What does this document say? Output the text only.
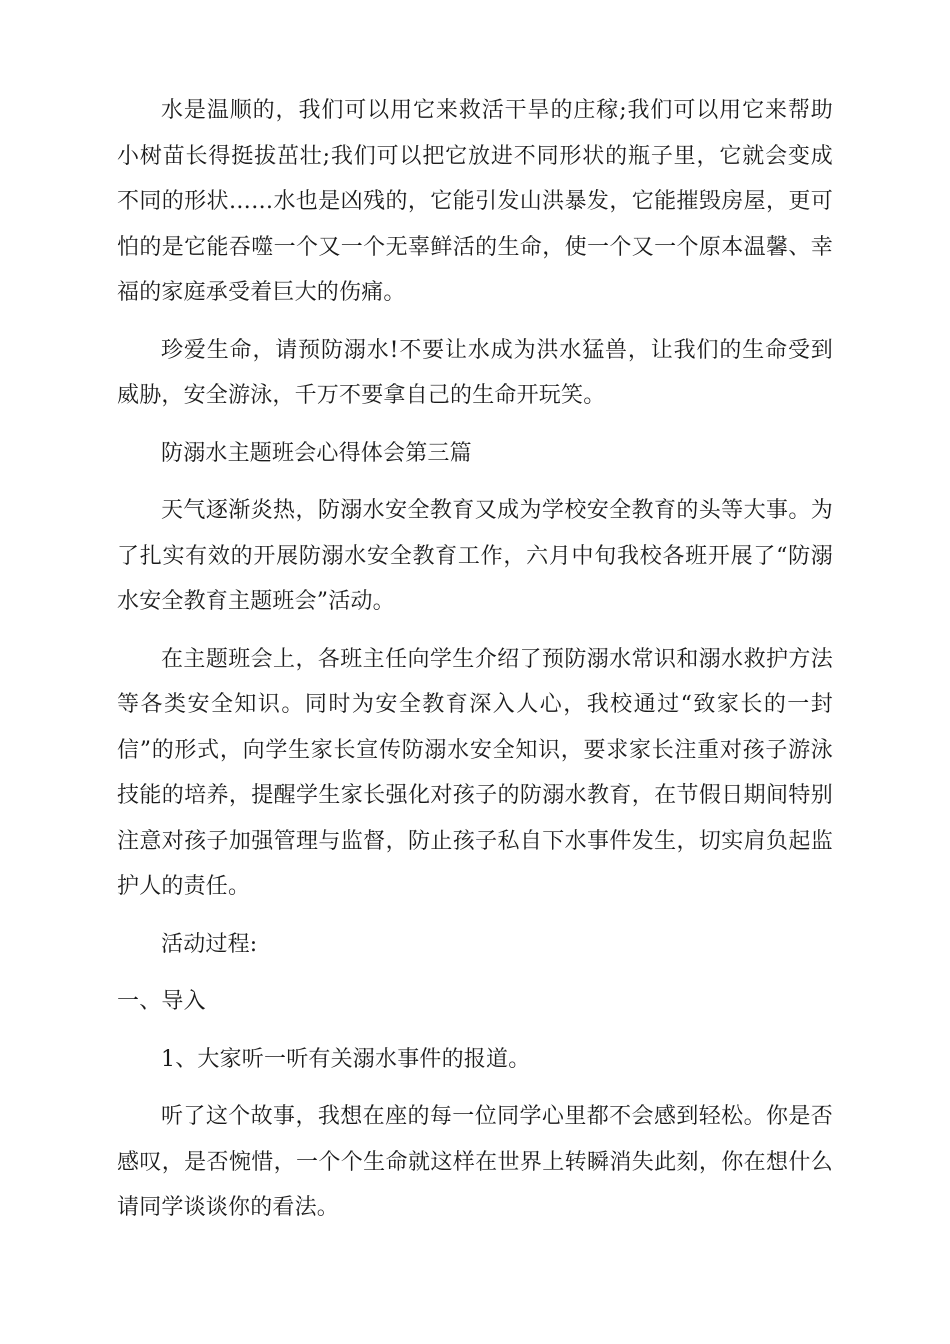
水是温顺的，我们可以用它来救活干旱的庄稼;我们可以用它来帮助小树苗长得挺拔茁壮;我们可以把它放进不同形状的瓶子里，它就会变成不同的形状……水也是凶残的，它能引发山洪暴发，它能摧毁房屋，更可怕的是它能吞噬一个又一个无辜鲜活的生命，使一个又一个原本温馨、幸福的家庭承受着巨大的伤痛。

珍爱生命，请预防溺水!不要让水成为洪水猛兽，让我们的生命受到威胁，安全游泳，千万不要拿自己的生命开玩笑。

防溺水主题班会心得体会第三篇

天气逐渐炎热，防溺水安全教育又成为学校安全教育的头等大事。为了扎实有效的开展防溺水安全教育工作，六月中旬我校各班开展了“防溺水安全教育主题班会”活动。

在主题班会上，各班主任向学生介绍了预防溺水常识和溺水救护方法等各类安全知识。同时为安全教育深入人心，我校通过“致家长的一封信”的形式，向学生家长宣传防溺水安全知识，要求家长注重对孩子游泳技能的培养，提醒学生家长强化对孩子的防溺水教育，在节假日期间特别注意对孩子加强管理与监督，防止孩子私自下水事件发生，切实肩负起监护人的责任。

活动过程:

一、导入

1、大家听一听有关溺水事件的报道。

听了这个故事，我想在座的每一位同学心里都不会感到轻松。你是否感叹，是否惋惜，一个个生命就这样在世界上转瞬消失此刻，你在想什么请同学谈谈你的看法。
